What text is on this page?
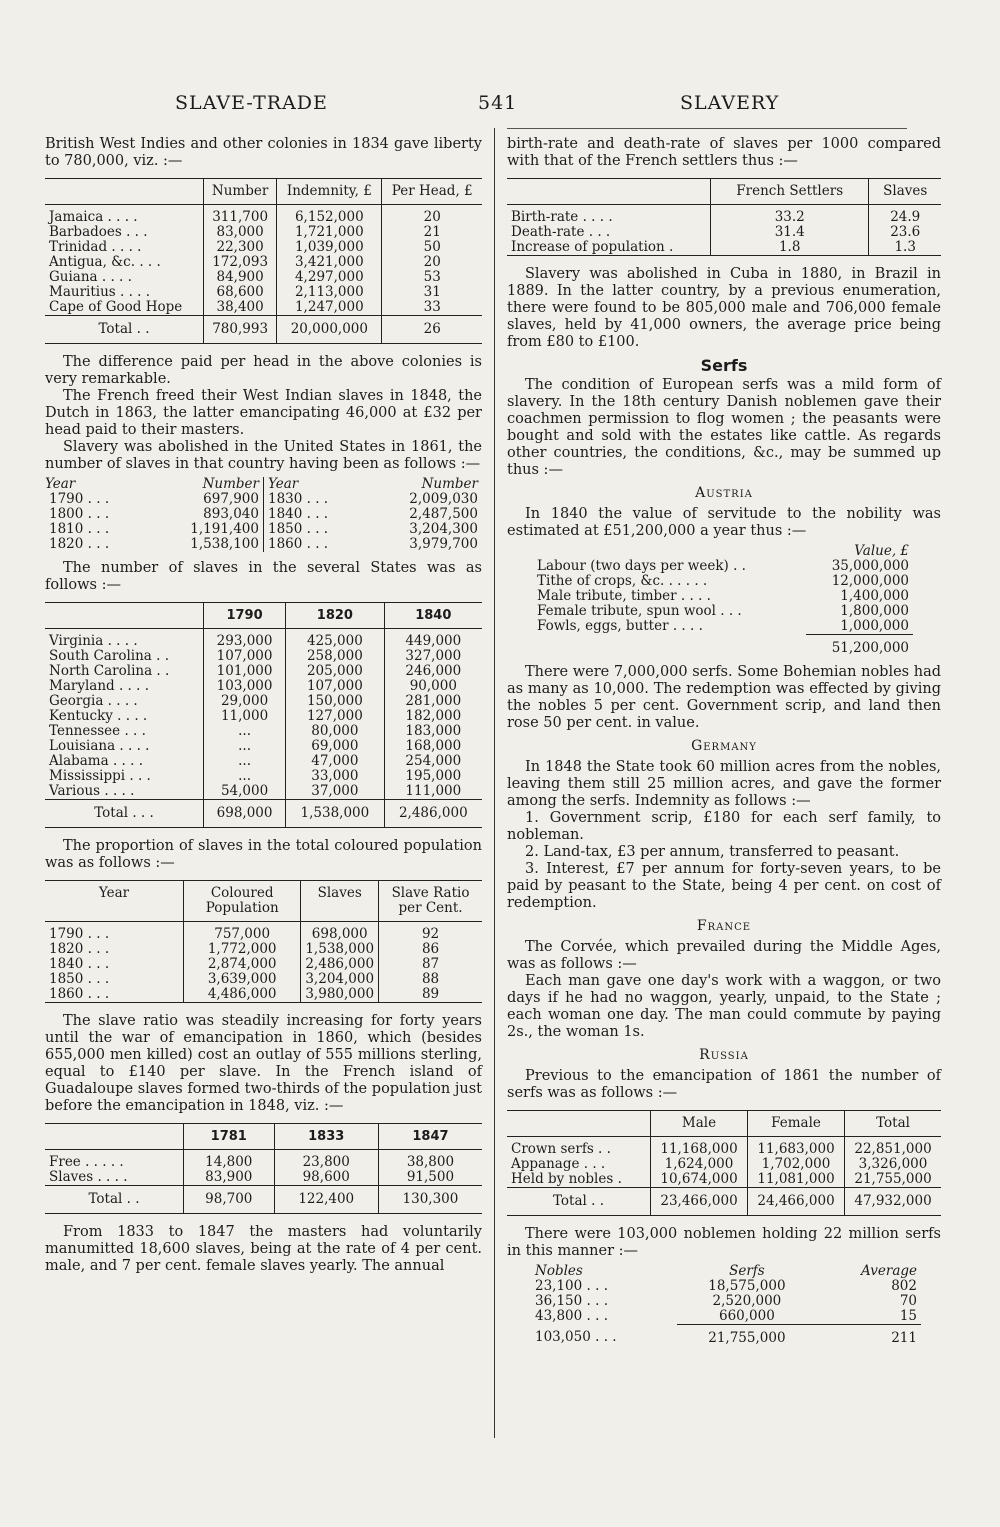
SLAVE-TRADE	541	SLAVERY

British West Indies and other colonies in 1834 gave liberty to 780,000, viz. :—

	Number	Indemnity, £	Per Head, £
Jamaica . . . .	311,700	6,152,000	20
Barbadoes . . .	83,000	1,721,000	21
Trinidad . . . .	22,300	1,039,000	50
Antigua, &c. . . .	172,093	3,421,000	20
Guiana . . . .	84,900	4,297,000	53
Mauritius . . . .	68,600	2,113,000	31
Cape of Good Hope	38,400	1,247,000	33
Total . .	780,993	20,000,000	26

The difference paid per head in the above colonies is very remarkable.

The French freed their West Indian slaves in 1848, the Dutch in 1863, the latter emancipating 46,000 at £32 per head paid to their masters.

Slavery was abolished in the United States in 1861, the number of slaves in that country having been as follows :—

Year	Number	Year	Number
1790 . . .	697,900	1830 . . .	2,009,030
1800 . . .	893,040	1840 . . .	2,487,500
1810 . . .	1,191,400	1850 . . .	3,204,300
1820 . . .	1,538,100	1860 . . .	3,979,700

The number of slaves in the several States was as follows :—

	1790	1820	1840
Virginia . . . .	293,000	425,000	449,000
South Carolina . .	107,000	258,000	327,000
North Carolina . .	101,000	205,000	246,000
Maryland . . . .	103,000	107,000	90,000
Georgia . . . .	29,000	150,000	281,000
Kentucky . . . .	11,000	127,000	182,000
Tennessee . . .	...	80,000	183,000
Louisiana . . . .	...	69,000	168,000
Alabama . . . .	...	47,000	254,000
Mississippi . . .	...	33,000	195,000
Various . . . .	54,000	37,000	111,000
Total . . .	698,000	1,538,000	2,486,000

The proportion of slaves in the total coloured population was as follows :—

Year	Coloured Population	Slaves	Slave Ratio per Cent.
1790 . . .	757,000	698,000	92
1820 . . .	1,772,000	1,538,000	86
1840 . . .	2,874,000	2,486,000	87
1850 . . .	3,639,000	3,204,000	88
1860 . . .	4,486,000	3,980,000	89

The slave ratio was steadily increasing for forty years until the war of emancipation in 1860, which (besides 655,000 men killed) cost an outlay of 555 millions sterling, equal to £140 per slave. In the French island of Guadaloupe slaves formed two-thirds of the population just before the emancipation in 1848, viz. :—

	1781	1833	1847
Free . . . . .	14,800	23,800	38,800
Slaves . . . .	83,900	98,600	91,500
Total . .	98,700	122,400	130,300

From 1833 to 1847 the masters had voluntarily manumitted 18,600 slaves, being at the rate of 4 per cent. male, and 7 per cent. female slaves yearly. The annual

birth-rate and death-rate of slaves per 1000 compared with that of the French settlers thus :—

	French Settlers	Slaves
Birth-rate . . . .	33.2	24.9
Death-rate . . .	31.4	23.6
Increase of population .	1.8	1.3

Slavery was abolished in Cuba in 1880, in Brazil in 1889. In the latter country, by a previous enumeration, there were found to be 805,000 male and 706,000 female slaves, held by 41,000 owners, the average price being from £80 to £100.

Serfs

The condition of European serfs was a mild form of slavery. In the 18th century Danish noblemen gave their coachmen permission to flog women ; the peasants were bought and sold with the estates like cattle. As regards other countries, the conditions, &c., may be summed up thus :—

Austria

In 1840 the value of servitude to the nobility was estimated at £51,200,000 a year thus :—

	Value, £
Labour (two days per week) . .	35,000,000
Tithe of crops, &c. . . . . .	12,000,000
Male tribute, timber . . . .	1,400,000
Female tribute, spun wool . . .	1,800,000
Fowls, eggs, butter . . . .	1,000,000
	51,200,000

There were 7,000,000 serfs. Some Bohemian nobles had as many as 10,000. The redemption was effected by giving the nobles 5 per cent. Government scrip, and land then rose 50 per cent. in value.

Germany

In 1848 the State took 60 million acres from the nobles, leaving them still 25 million acres, and gave the former among the serfs. Indemnity as follows :—

1. Government scrip, £180 for each serf family, to nobleman.

2. Land-tax, £3 per annum, transferred to peasant.

3. Interest, £7 per annum for forty-seven years, to be paid by peasant to the State, being 4 per cent. on cost of redemption.

France

The Corvée, which prevailed during the Middle Ages, was as follows :—

Each man gave one day's work with a waggon, or two days if he had no waggon, yearly, unpaid, to the State ; each woman one day. The man could commute by paying 2s., the woman 1s.

Russia

Previous to the emancipation of 1861 the number of serfs was as follows :—

	Male	Female	Total
Crown serfs . .	11,168,000	11,683,000	22,851,000
Appanage . . .	1,624,000	1,702,000	3,326,000
Held by nobles .	10,674,000	11,081,000	21,755,000
Total . .	23,466,000	24,466,000	47,932,000

There were 103,000 noblemen holding 22 million serfs in this manner :—

Nobles	Serfs	Average
23,100 . . .	18,575,000	802
36,150 . . .	2,520,000	70
43,800 . . .	660,000	15
103,050 . . .	21,755,000	211
